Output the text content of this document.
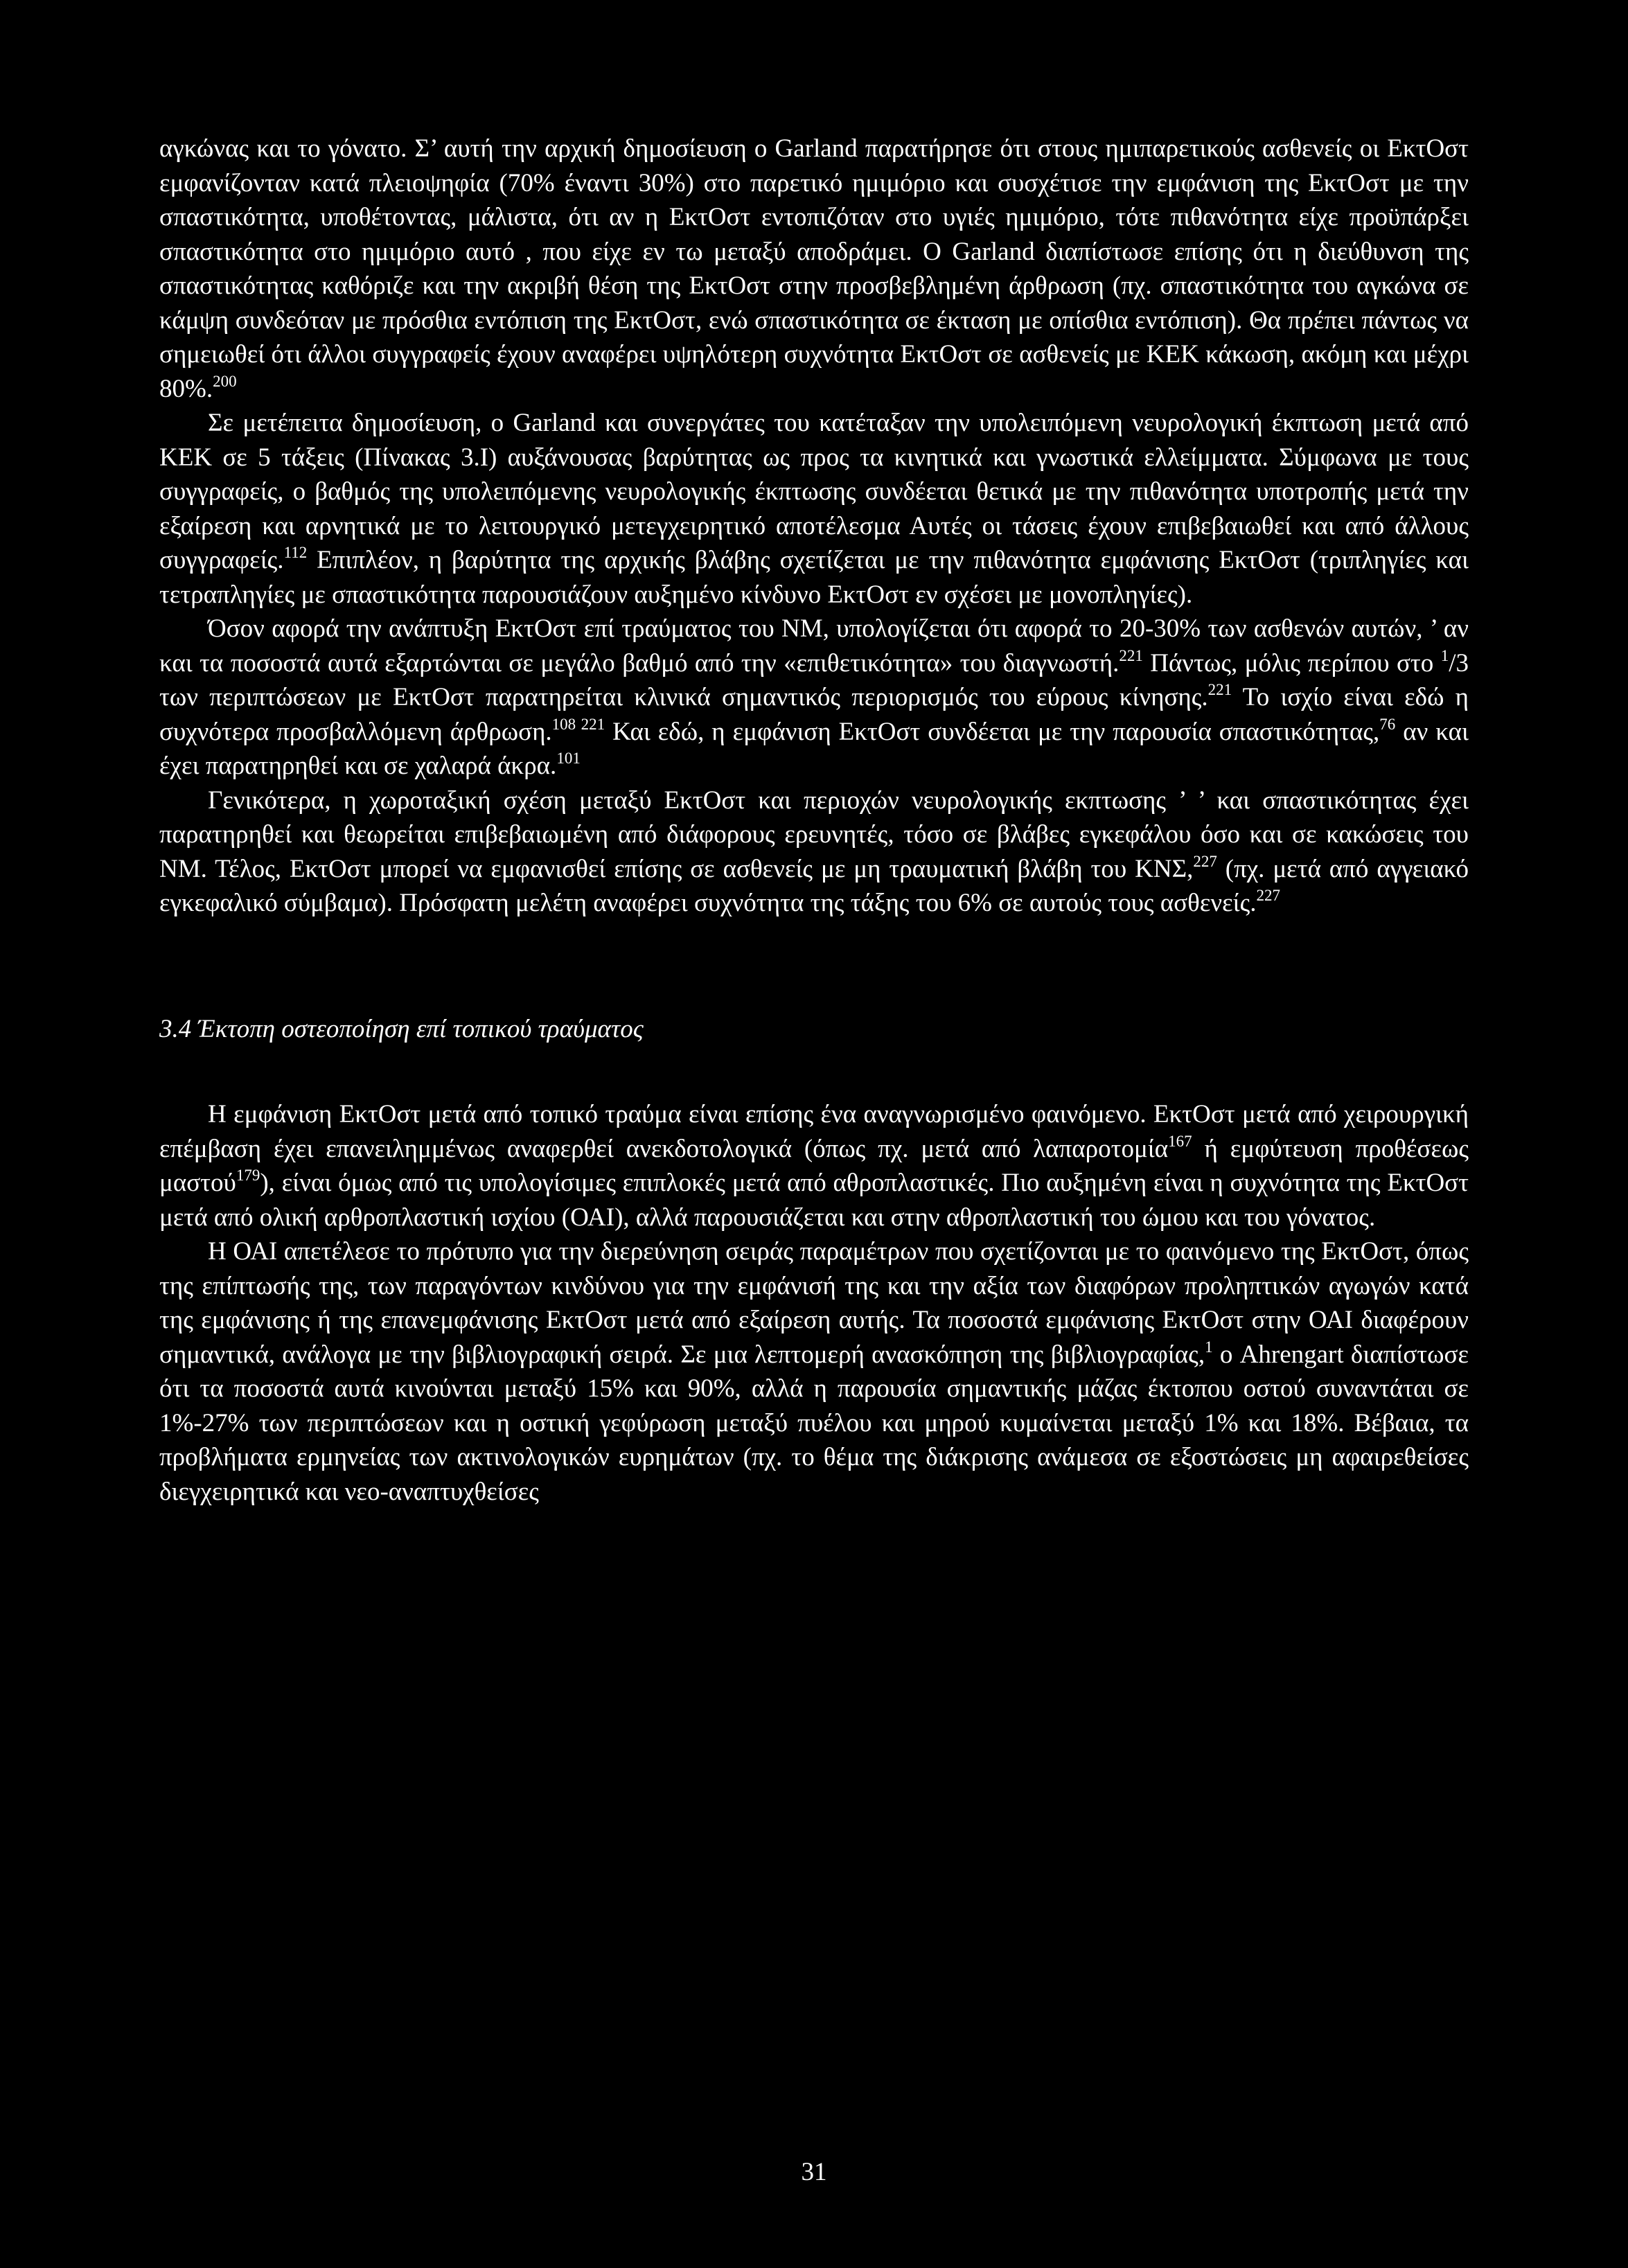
αγκώνας και το γόνατο. Σ’ αυτή την αρχική δημοσίευση ο Garland παρατήρησε ότι στους ημιπαρετικούς ασθενείς οι ΕκτΟστ εμφανίζονταν κατά πλειοψηφία (70% έναντι 30%) στο παρετικό ημιμόριο και συσχέτισε την εμφάνιση της ΕκτΟστ με την σπαστικότητα, υποθέτοντας, μάλιστα, ότι αν η ΕκτΟστ εντοπιζόταν στο υγιές ημιμόριο, τότε πιθανότητα είχε προϋπάρξει σπαστικότητα στο ημιμόριο αυτό , που είχε εν τω μεταξύ αποδράμει. O Garland διαπίστωσε επίσης ότι η διεύθυνση της σπαστικότητας καθόριζε και την ακριβή θέση της ΕκτΟστ στην προσβεβλημένη άρθρωση (πχ. σπαστικότητα του αγκώνα σε κάμψη συνδεόταν με πρόσθια εντόπιση της ΕκτΟστ, ενώ σπαστικότητα σε έκταση με οπίσθια εντόπιση). Θα πρέπει πάντως να σημειωθεί ότι άλλοι συγγραφείς έχουν αναφέρει υψηλότερη συχνότητα ΕκτΟστ σε ασθενείς με ΚΕΚ κάκωση, ακόμη και μέχρι 80%.$^{200}$

Σε μετέπειτα δημοσίευση, ο Garland και συνεργάτες του κατέταξαν την υπολειπόμενη νευρολογική έκπτωση μετά από ΚΕΚ σε 5 τάξεις (Πίνακας 3.I) αυξάνουσας βαρύτητας ως προς τα κινητικά και γνωστικά ελλείμματα. Σύμφωνα με τους συγγραφείς, ο βαθμός της υπολειπόμενης νευρολογικής έκπτωσης συνδέεται θετικά με την πιθανότητα υποτροπής μετά την εξαίρεση και αρνητικά με το λειτουργικό μετεγχειρητικό αποτέλεσμα Αυτές οι τάσεις έχουν επιβεβαιωθεί και από άλλους συγγραφείς.$^{112}$ Επιπλέον, η βαρύτητα της αρχικής βλάβης σχετίζεται με την πιθανότητα εμφάνισης ΕκτΟστ (τριπληγίες και τετραπληγίες με σπαστικότητα παρουσιάζουν αυξημένο κίνδυνο ΕκτΟστ εν σχέσει με μονοπληγίες).

Όσον αφορά την ανάπτυξη ΕκτΟστ επί τραύματος του ΝΜ, υπολογίζεται ότι αφορά το 20-30% των ασθενών αυτών, ’ αν και τα ποσοστά αυτά εξαρτώνται σε μεγάλο βαθμό από την «επιθετικότητα» του διαγνωστή.$^{221}$ Πάντως, μόλις περίπου στο $^1$/3 των περιπτώσεων με ΕκτΟστ παρατηρείται κλινικά σημαντικός περιορισμός του εύρους κίνησης.$^{221}$ Το ισχίο είναι εδώ η συχνότερα προσβαλλόμενη άρθρωση.$^{108 221}$ Και εδώ, η εμφάνιση ΕκτΟστ συνδέεται με την παρουσία σπαστικότητας,$^{76}$ αν και έχει παρατηρηθεί και σε χαλαρά άκρα.$^{101}$

Γενικότερα, η χωροταξική σχέση μεταξύ ΕκτΟστ και περιοχών νευρολογικής εκπτωσης ’ ’ και σπαστικότητας έχει παρατηρηθεί και θεωρείται επιβεβαιωμένη από διάφορους ερευνητές, τόσο σε βλάβες εγκεφάλου όσο και σε κακώσεις του ΝΜ. Τέλος, ΕκτΟστ μπορεί να εμφανισθεί επίσης σε ασθενείς με μη τραυματική βλάβη του ΚΝΣ,$^{227}$ (πχ. μετά από αγγειακό εγκεφαλικό σύμβαμα). Πρόσφατη μελέτη αναφέρει συχνότητα της τάξης του 6% σε αυτούς τους ασθενείς.$^{227}$

3.4 Έκτοπη οστεοποίηση επί τοπικού τραύματος

Η εμφάνιση ΕκτΟστ μετά από τοπικό τραύμα είναι επίσης ένα αναγνωρισμένο φαινόμενο. ΕκτΟστ μετά από χειρουργική επέμβαση έχει επανειλημμένως αναφερθεί ανεκδοτολογικά (όπως πχ. μετά από λαπαροτομία$^{167}$ ή εμφύτευση προθέσεως μαστού$^{179}$), είναι όμως από τις υπολογίσιμες επιπλοκές μετά από αθροπλαστικές. Πιο αυξημένη είναι η συχνότητα της ΕκτΟστ μετά από ολική αρθροπλαστική ισχίου (ΟΑΙ), αλλά παρουσιάζεται και στην αθροπλαστική του ώμου και του γόνατος.

Η ΟΑΙ απετέλεσε το πρότυπο για την διερεύνηση σειράς παραμέτρων που σχετίζονται με το φαινόμενο της ΕκτΟστ, όπως της επίπτωσής της, των παραγόντων κινδύνου για την εμφάνισή της και την αξία των διαφόρων προληπτικών αγωγών κατά της εμφάνισης ή της επανεμφάνισης ΕκτΟστ μετά από εξαίρεση αυτής. Τα ποσοστά εμφάνισης ΕκτΟστ στην ΟΑΙ διαφέρουν σημαντικά, ανάλογα με την βιβλιογραφική σειρά. Σε μια λεπτομερή ανασκόπηση της βιβλιογραφίας,$^1$ ο Ahrengart διαπίστωσε ότι τα ποσοστά αυτά κινούνται μεταξύ 15% και 90%, αλλά η παρουσία σημαντικής μάζας έκτοπου οστού συναντάται σε 1%-27% των περιπτώσεων και η οστική γεφύρωση μεταξύ πυέλου και μηρού κυμαίνεται μεταξύ 1% και 18%. Βέβαια, τα προβλήματα ερμηνείας των ακτινολογικών ευρημάτων (πχ. το θέμα της διάκρισης ανάμεσα σε εξοστώσεις μη αφαιρεθείσες διεγχειρητικά και νεο-αναπτυχθείσες

31
